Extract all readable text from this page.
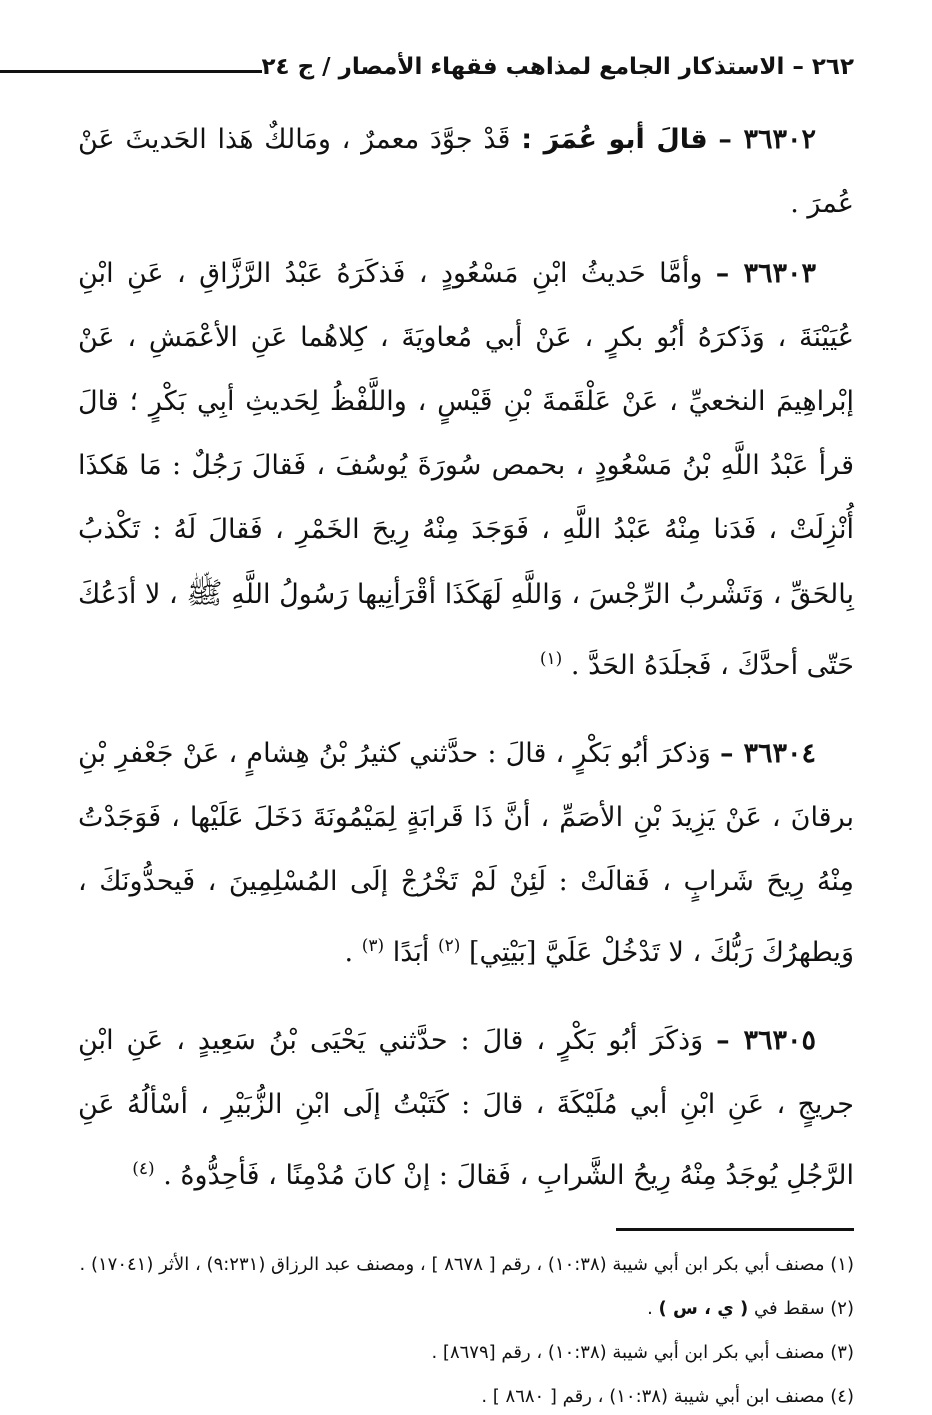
٢٦٢ – الاستذكار الجامع لمذاهب فقهاء الأمصار / ج ٢٤

٣٦٣٠٢ – قالَ أبو عُمَرَ : قَدْ جوَّدَ معمرٌ ، ومَالكٌ هَذا الحَديثَ عَنْ عُمرَ .

٣٦٣٠٣ – وأمَّا حَديثُ ابْنِ مَسْعُودٍ ، فَذكَرَهُ عَبْدُ الرَّزَّاقِ ، عَنِ ابْنِ عُيَيْنَةَ ، وَذَكرَهُ أبُو بكرٍ ، عَنْ أبي مُعاويَةَ ، كِلاهُما عَنِ الأعْمَشِ ، عَنْ إبْراهِيمَ النخعيِّ ، عَنْ عَلْقَمةَ بْنِ قَيْسٍ ، واللَّفْظُ لِحَديثِ أبِي بَكْرٍ ؛ قالَ قرأ عَبْدُ اللَّهِ بْنُ مَسْعُودٍ ، بحمص سُورَةَ يُوسُفَ ، فَقالَ رَجُلٌ : مَا هَكذَا أُنْزِلَتْ ، فَدَنا مِنْهُ عَبْدُ اللَّهِ ، فَوَجَدَ مِنْهُ رِيحَ الخَمْرِ ، فَقالَ لَهُ : تَكْذبُ بِالحَقِّ ، وَتَشْربُ الرِّجْسَ ، وَاللَّهِ لَهَكَذَا أقْرَأنِيها رَسُولُ اللَّهِ ﷺ ، لا أدَعُكَ حَتّى أحدَّكَ ، فَجلَدَهُ الحَدَّ . $^{(١)}$

٣٦٣٠٤ – وَذكرَ أبُو بَكْرٍ ، قالَ : حدَّثني كثيرُ بْنُ هِشامٍ ، عَنْ جَعْفرِ بْنِ برقانَ ، عَنْ يَزِيدَ بْنِ الأصَمِّ ، أنَّ ذَا قَرابَةٍ لِمَيْمُونَةَ دَخَلَ عَلَيْها ، فَوَجَدْتُ مِنْهُ رِيحَ شَرابٍ ، فَقالَتْ : لَئِنْ لَمْ تَخْرُجْ إلَى المُسْلِمِينَ ، فَيحدُّونَكَ ، وَيطهرُكَ رَبُّكَ ، لا تَدْخُلْ عَلَيَّ [بَيْتِي] $^{(٢)}$ أبَدًا $^{(٣)}$ .

٣٦٣٠٥ – وَذكَرَ أبُو بَكْرٍ ، قالَ : حدَّثني يَحْيَى بْنُ سَعِيدٍ ، عَنِ ابْنِ جريجٍ ، عَنِ ابْنِ أبي مُلَيْكَةَ ، قالَ : كَتَبْتُ إلَى ابْنِ الزُّبَيْرِ ، أسْألُهُ عَنِ الرَّجُلِ يُوجَدُ مِنْهُ رِيحُ الشَّرابِ ، فَقالَ : إنْ كانَ مُدْمِنًا ، فَأحِدُّوهُ . $^{(٤)}$

(١) مصنف أبي بكر ابن أبي شيبة (١٠:٣٨) ، رقم [ ٨٦٧٨ ] ، ومصنف عبد الرزاق (٩:٢٣١) ، الأثر (١٧٠٤١) .

(٢) سقط في ( ي ، س ) .

(٣) مصنف أبي بكر ابن أبي شيبة (١٠:٣٨) ، رقم [٨٦٧٩] .

(٤) مصنف ابن أبي شيبة (١٠:٣٨) ، رقم [ ٨٦٨٠ ] .
